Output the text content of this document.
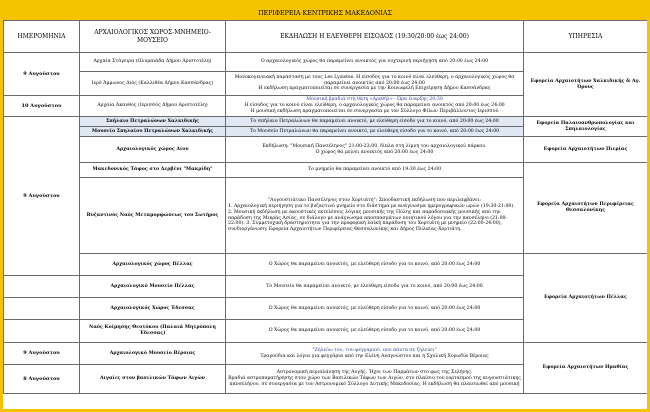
ΠΕΡΙΦΕΡΕΙΑ ΚΕΝΤΡΙΚΗΣ ΜΑΚΕΔΟΝΙΑΣ
ΗΜΕΡΟΜΗΝΙΑ	ΑΡΧΑΙΟΛΟΓΙΚΟΣ ΧΩΡΟΣ-ΜΝΗΜΕΙΟ-ΜΟΥΣΕΙΟ	ΕΚΔΗΛΩΣΗ Η ΕΛΕΥΘΕΡΗ ΕΙΣΟΔΟΣ (19:30/20:00 έως 24:00)	ΥΠΗΡΕΣΙΑ
9 Αυγούστου	Αρχαία Στάγειρα (Ολυμπιάδα Δήμου Αριστοτέλη)	Ο αρχαιολογικός χώρος θα παραμείνει ανοικτός για νυχτερινή περιήγηση από 20:00 έως 24:00	Εφορεία Αρχαιοτήτων Χαλκιδικής & Αγ. Όρους
	Ιερό Άμμωνος Διός (Καλλιθέα Δήμου Κασσάνδρας)	Μονοκογενειακή παράσταση με τους Les Lysistes. Η είσοδος για το κοινό είναι ελεύθερη, ο αρχαιολογικός χώρος θα παραμείνει ανοικτός από 20:00 έως 24:00
Η εκδήλωση πραγματοποιείται σε συνεργασία με την Κοινωφελή Επιχείρηση Δήμου Κασσάνδρας	

10 Αυγούστου	Αρχαία Άκανθος (Ιερισσός Δήμου Αριστοτέλη)	Μουσική βραδιά στη θέση «Αρεθήλ» - Ώρα έναρξης 20:30
Η είσοδος για το κοινό είναι ελεύθερη, ο αρχαιολογικός χώρος θα παραμείνει ανοικτός από 20:00 έως 24:00
Η μουσική εκδήλωση πραγματοποιείται σε συνεργασία με τον Σύλλογο Φίλων Περιβάλλοντος Ιερισσού	

9 Αυγούστου	Σπήλαιο Πετραλώνων Χαλκιδικής	Το σπήλαιο Πετραλώνων θα παραμείνει ανοικτό, με ελεύθερη είσοδο για το κοινό, από 20:00 έως 24:00	Εφορεία Παλαιοανθρωπολογίας και Σπηλαιολογίας
	Μουσείο Σπηλαίου Πετραλώνων Χαλκιδικής	Το Μουσείο Πετραλώνων θα παραμείνει ανοικτό, με ελεύθερη είσοδο για το κοινό, από 20:00 έως 24:00	
	Αρχαιολογικός χώρος Δίου	Εκδήλωση: "Μουσική Πανσέληνος" 21:00-23:00, δίπλα στη λίμνη του αρχαιολογικού πάρκου.
Ο χώρος θα μείνει ανοικτός από 20:00 έως 24:00	Εφορεία Αρχαιοτήτων Πιερίας
	Μακεδονικός Τάφος στο Δερβένι "Μακρίδη"	Το μνημείο θα παραμείνει ανοικτό από 19:30 έως 24:00	Εφορεία Αρχαιοτήτων Περιφέρειας Θεσσαλονίκης
	Βυζαντινός Ναός Μεταμορφώσεως του Σωτήρος	"Αυγουστιάτικο Πανσέληνος στον Χορτιάτη": Σπουδαστική εκδήλωση που περιλαμβάνει:
1. Αρχαιολογική περιήγηση για το βυζαντινό μνημείο στο διάστημα με ανάγνωσμα ημερογραφικών ωρών (19:30-21:00).
2. Μουσική εκδήλωση με ακουστικές εκτελέσεις λόγιας μουσικής της Πόλης και παραδοσιακής μουσικής από την παράδοση της Μικράς Ασίας, σε διάλογο με ανάγνωσμα αποσπασμάτων ποιητικού λόγου για την πανσέληνο (21:00-22:00). 3. Συμμετοχική δραστηριότητα για την προφορική λαϊκή παράδοση του Χορτιάτη με μνημείο (22:00-24:00), συνδιοργάνωση: Εφορεία Αρχαιοτήτων Περιφέρειας Θεσσαλονίκης και Δήμος Πυλαίας-Χορτιάτη.	

	Αρχαιολογικός χώρος Πέλλας	Ο Χώρος θα παραμείνει ανοικτός, με ελεύθερη είσοδο για το κοινό, από 20:00 έως 24:00	Εφορεία Αρχαιοτήτων Πέλλας
	Αρχαιολογικό Μουσείο Πέλλας	Το Μουσείο θα παραμείνει ανοικτό, με ελεύθερη είσοδο για το κοινό, από 20:00 έως 24:00	
	Αρχαιολογικός Χώρος Έδεσσας	Ο Χώρος θα παραμείνει ανοικτός, με ελεύθερη είσοδο για το κοινό, από 20:00 έως 24:00	
	Ναός Κοίμησης Θεοτόκου (Παλαιά Μητρόπολη Έδεσσας)	Ο Χώρος θα παραμείνει ανοικτός, με ελεύθερη είσοδο για το κοινό, από 20:00 έως 24:00	
9 Αυγούστου	Αρχαιολογικό Μουσείο Βέροιας	"Ζηλεύω του, του φεγγαριού, που πάντα σε ζηλεύει"
Τραγούδια και λόγια για φεγγάρια από την Ελένη Αναγνώστου και η Σχολική Χορωδία Βέροιας	Εφορεία Αρχαιοτήτων Ημαθίας
8 Αυγούστου	Αιγαίες στον βασιλικών Τάφων Αιγών	Αστρονομική περιπλάνηση της Αυγής. Ήχοι των Παρμάτων στο φως της Σελήνης.
Βραδιά αστροπαρατήρησης στον χώρο των Βασιλικών Τάφων των Αιγών, στο πλαίσιο του εορτασμού της αυγουστιάτικης πανσελήνου, σε συνεργασία με τον Αστρονομικό Σύλλογο Δυτικής Μακεδονίας. Η εκδήλωση θα πλαισιωθεί από μουσική	
